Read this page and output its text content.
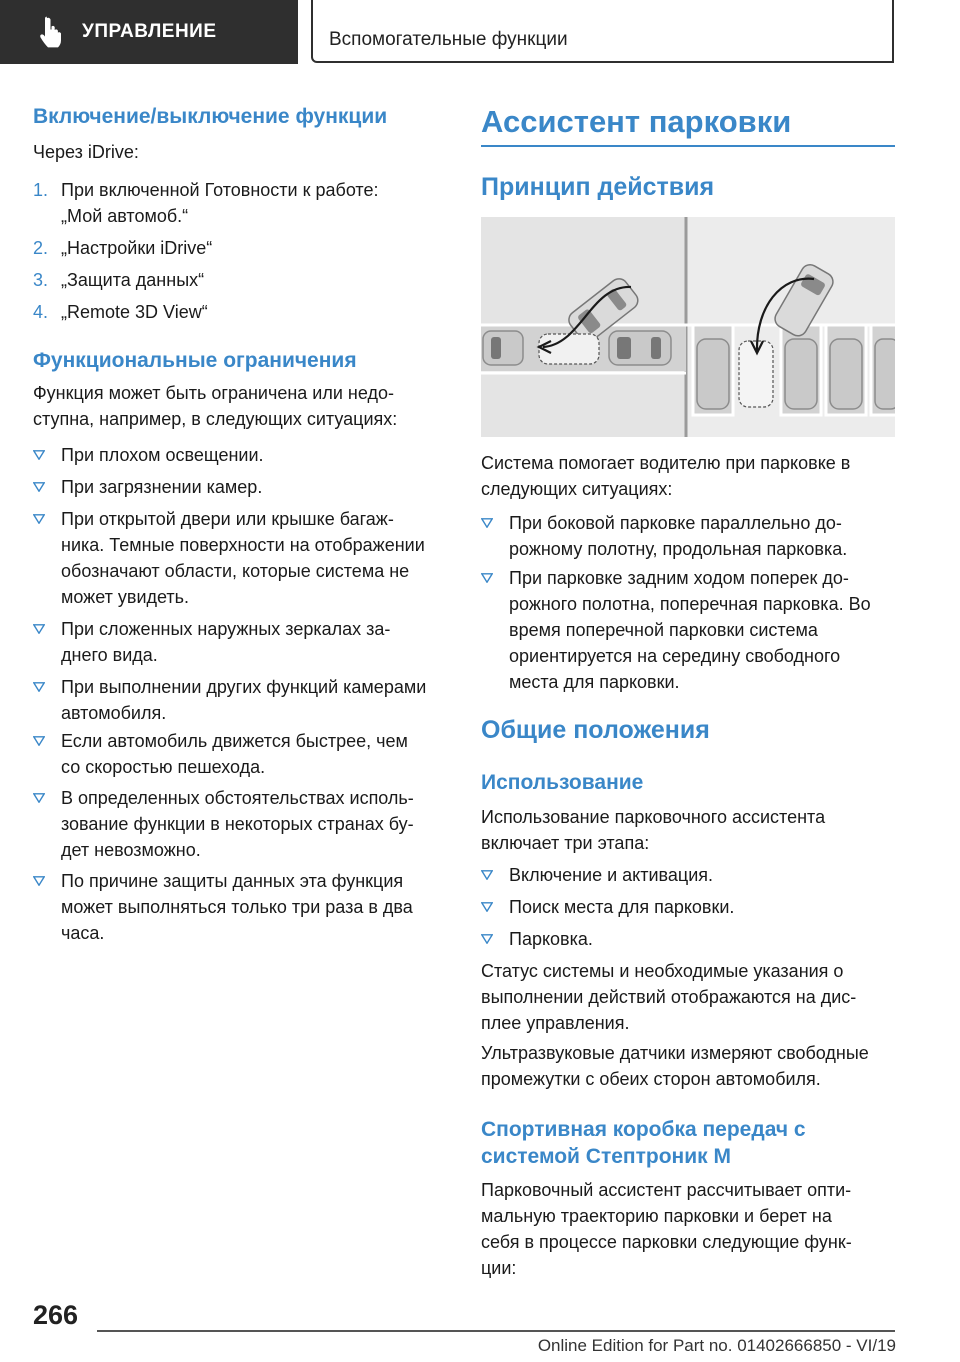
УПРАВЛЕНИЕ	Вспомогательные функции
Включение/выключение функции
Через iDrive:
1. При включенной Готовности к работе:
„Мой автомоб.“
2. „Настройки iDrive“
3. „Защита данных“
4. „Remote 3D View“
Функциональные ограничения
Функция может быть ограничена или недо-
ступна, например, в следующих ситуациях:
При плохом освещении.
При загрязнении камер.
При открытой двери или крышке багаж-
ника. Темные поверхности на отображении
обозначают области, которые система не
может увидеть.
При сложенных наружных зеркалах за-
днего вида.
При выполнении других функций камерами
автомобиля.
Если автомобиль движется быстрее, чем
со скоростью пешехода.
В определенных обстоятельствах исполь-
зование функции в некоторых странах бу-
дет невозможно.
По причине защиты данных эта функция
может выполняться только три раза в два
часа.
Ассистент парковки
Принцип действия
Система помогает водителю при парковке в
следующих ситуациях:
При боковой парковке параллельно до-
рожному полотну, продольная парковка.
При парковке задним ходом поперек до-
рожного полотна, поперечная парковка. Во
время поперечной парковки система
ориентируется на середину свободного
места для парковки.
Общие положения
Использование
Использование парковочного ассистента
включает три этапа:
Включение и активация.
Поиск места для парковки.
Парковка.
Статус системы и необходимые указания о
выполнении действий отображаются на дис-
плее управления.
Ультразвуковые датчики измеряют свободные
промежутки с обеих сторон автомобиля.
Спортивная коробка передач с
системой Стептроник M
Парковочный ассистент рассчитывает опти-
мальную траекторию парковки и берет на
себя в процессе парковки следующие функ-
ции:
266
Online Edition for Part no. 01402666850 - VI/19
